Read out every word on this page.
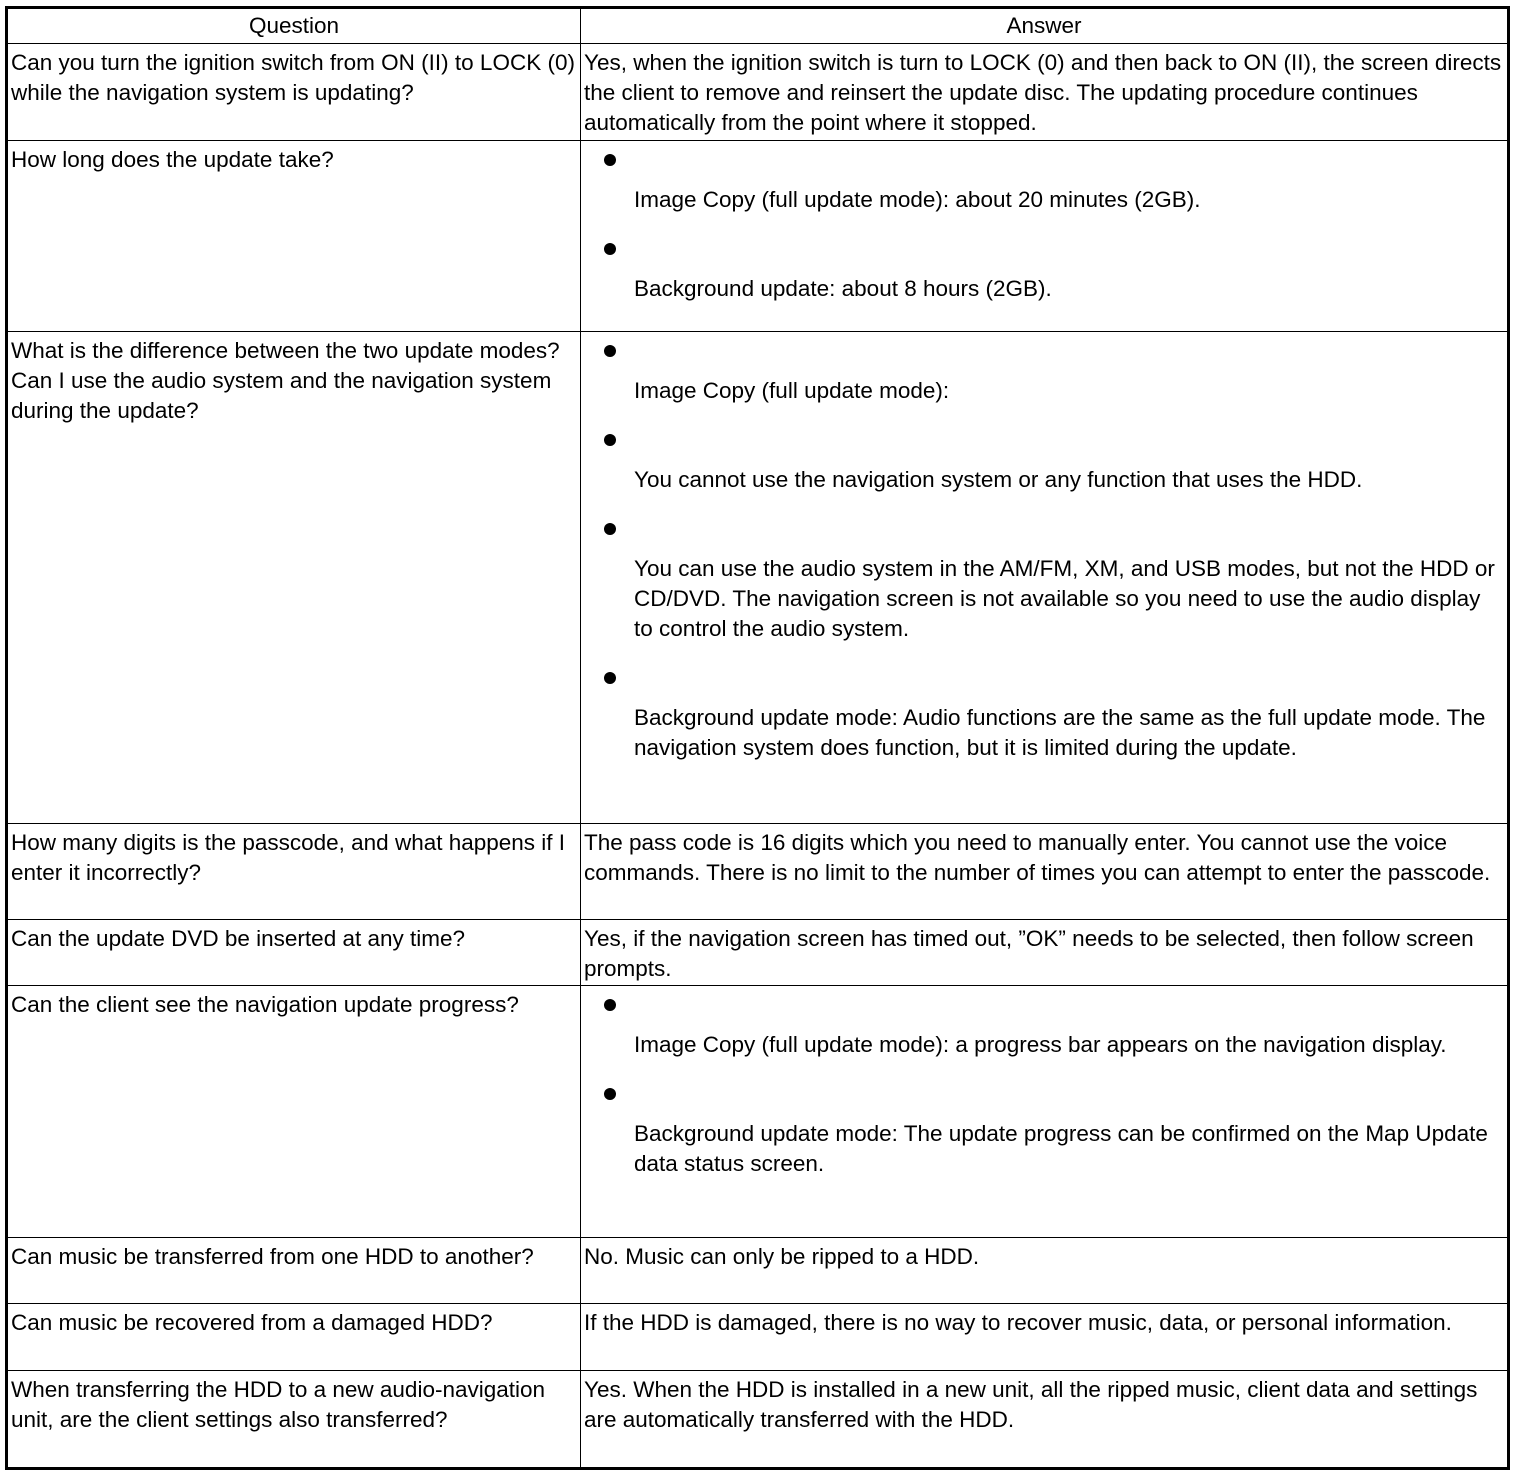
Question	Answer
Can you turn the ignition switch from ON (II) to LOCK (0) while the navigation system is updating?	Yes, when the ignition switch is turn to LOCK (0) and then back to ON (II), the screen directs the client to remove and reinsert the update disc. The updating procedure continues automatically from the point where it stopped.
How long does the update take?	Image Copy (full update mode): about 20 minutes (2GB).
Background update: about 8 hours (2GB).

What is the difference between the two update modes? Can I use the audio system and the navigation system during the update?	Image Copy (full update mode):
You cannot use the navigation system or any function that uses the HDD.
You can use the audio system in the AM/FM, XM, and USB modes, but not the HDD or CD/DVD. The navigation screen is not available so you need to use the audio display to control the audio system.
Background update mode: Audio functions are the same as the full update mode. The navigation system does function, but it is limited during the update.

How many digits is the passcode, and what happens if I enter it incorrectly?	The pass code is 16 digits which you need to manually enter. You cannot use the voice commands. There is no limit to the number of times you can attempt to enter the passcode.
Can the update DVD be inserted at any time?	Yes, if the navigation screen has timed out, ”OK” needs to be selected, then follow screen prompts.
Can the client see the navigation update progress?	Image Copy (full update mode): a progress bar appears on the navigation display.
Background update mode: The update progress can be confirmed on the Map Update data status screen.

Can music be transferred from one HDD to another?	No. Music can only be ripped to a HDD.
Can music be recovered from a damaged HDD?	If the HDD is damaged, there is no way to recover music, data, or personal information.
When transferring the HDD to a new audio-navigation unit, are the client settings also transferred?	Yes. When the HDD is installed in a new unit, all the ripped music, client data and settings are automatically transferred with the HDD.
